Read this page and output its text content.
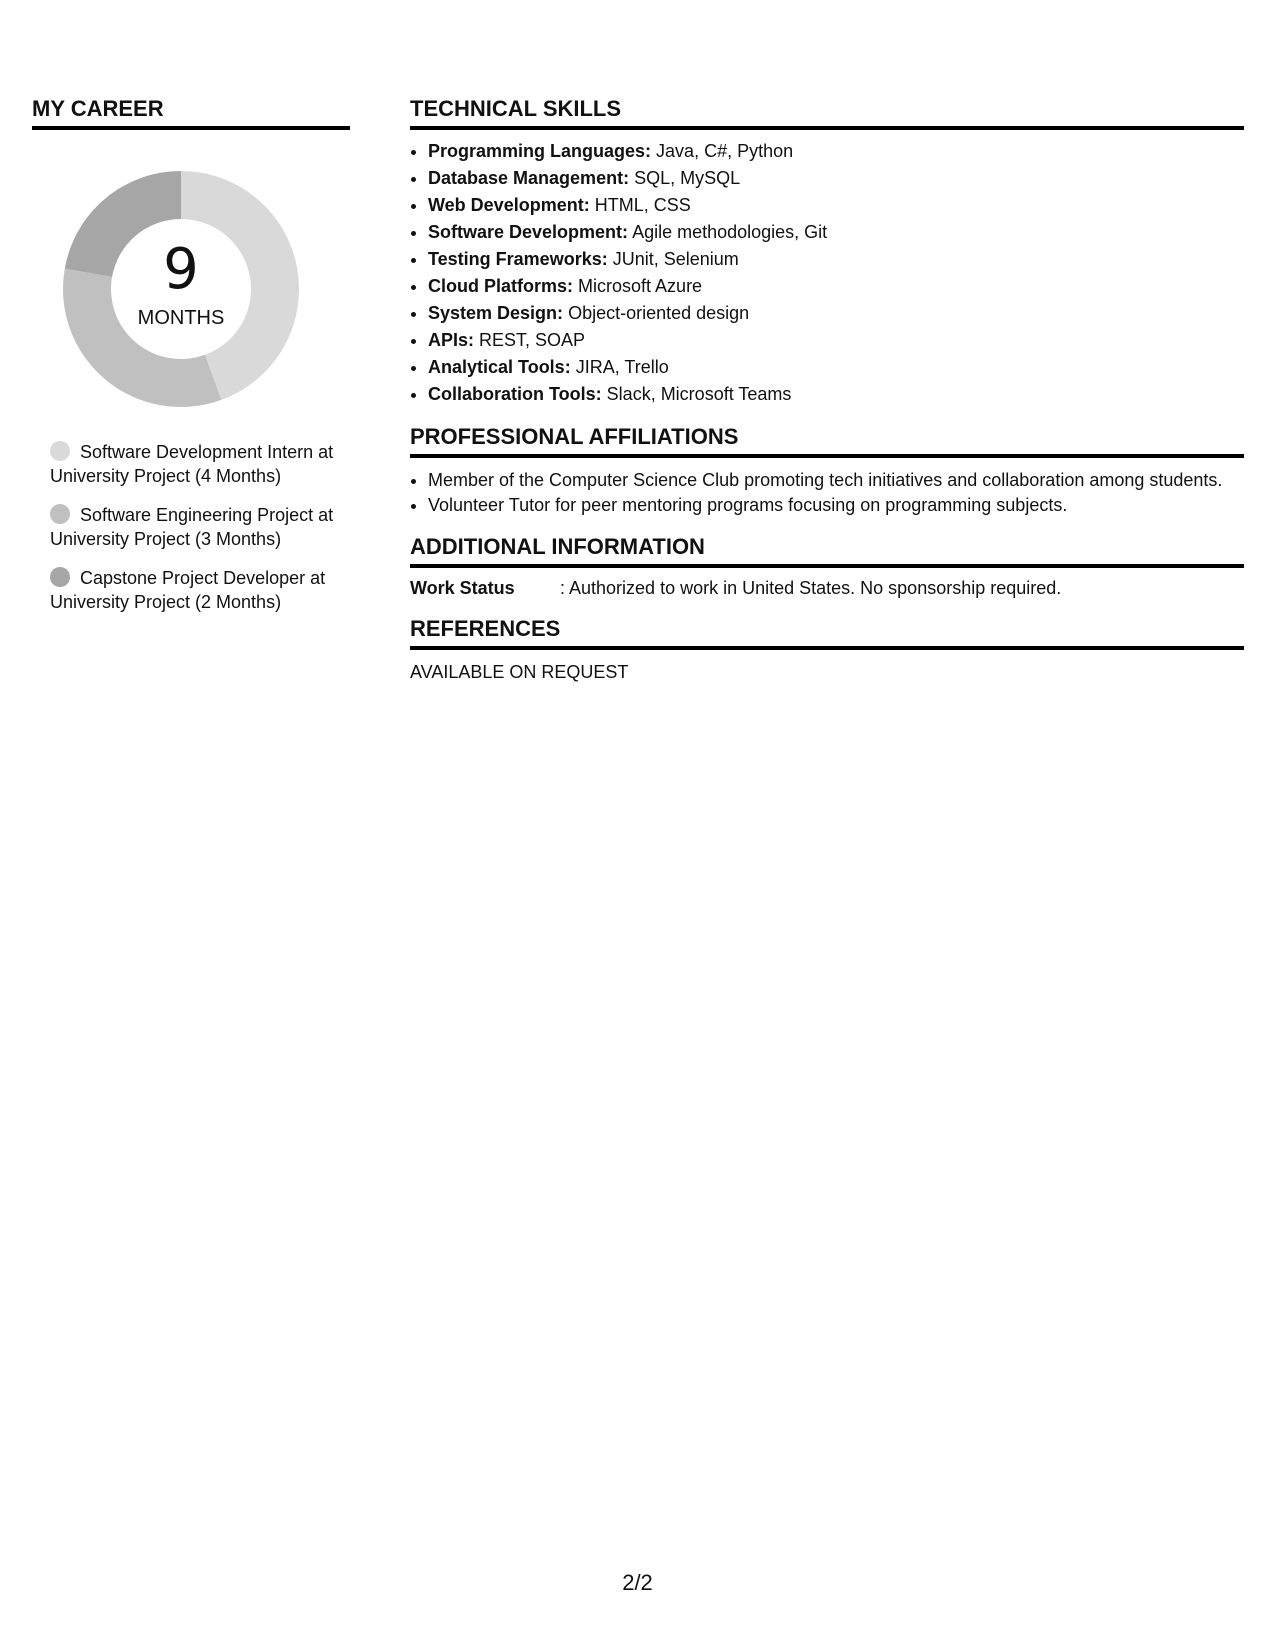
MY CAREER
9
MONTHS
Software Development Intern at University Project (4 Months)
Software Engineering Project at University Project (3 Months)
Capstone Project Developer at University Project (2 Months)
TECHNICAL SKILLS
• Programming Languages: Java, C#, Python
• Database Management: SQL, MySQL
• Web Development: HTML, CSS
• Software Development: Agile methodologies, Git
• Testing Frameworks: JUnit, Selenium
• Cloud Platforms: Microsoft Azure
• System Design: Object-oriented design
• APIs: REST, SOAP
• Analytical Tools: JIRA, Trello
• Collaboration Tools: Slack, Microsoft Teams
PROFESSIONAL AFFILIATIONS
• Member of the Computer Science Club promoting tech initiatives and collaboration among students.
• Volunteer Tutor for peer mentoring programs focusing on programming subjects.
ADDITIONAL INFORMATION
Work Status	: Authorized to work in United States. No sponsorship required.
REFERENCES
AVAILABLE ON REQUEST
2/2
